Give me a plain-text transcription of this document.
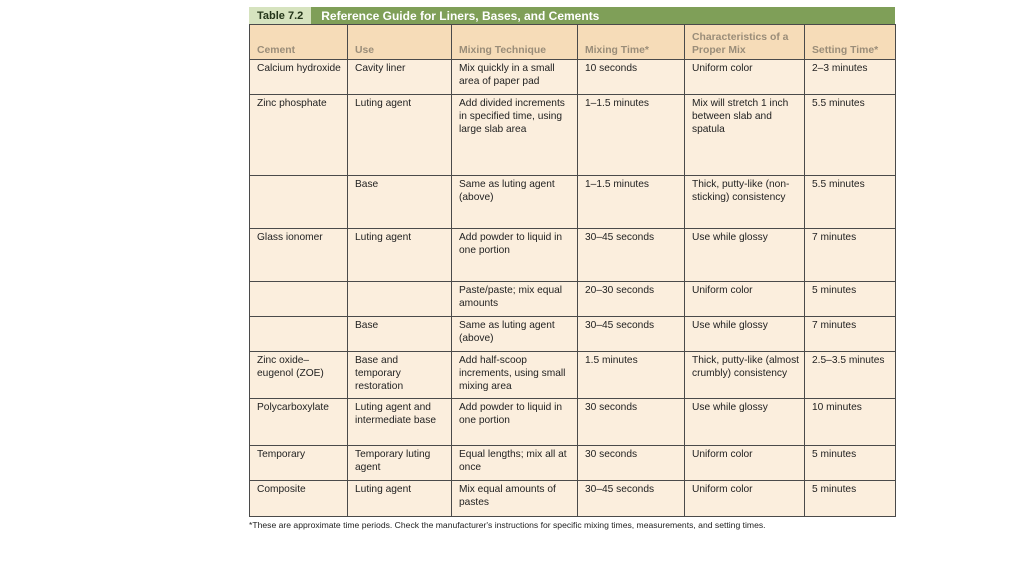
Table 7.2	Reference Guide for Liners, Bases, and Cements
Cement	Use	Mixing Technique	Mixing Time*	Characteristics of a Proper Mix	Setting Time*
Calcium hydroxide	Cavity liner	Mix quickly in a small area of paper pad	10 seconds	Uniform color	2–3 minutes
Zinc phosphate	Luting agent	Add divided increments in specified time, using large slab area	1–1.5 minutes	Mix will stretch 1 inch between slab and spatula	5.5 minutes
	Base	Same as luting agent (above)	1–1.5 minutes	Thick, putty-like (non-sticking) consistency	5.5 minutes
Glass ionomer	Luting agent	Add powder to liquid in one portion	30–45 seconds	Use while glossy	7 minutes
		Paste/paste; mix equal amounts	20–30 seconds	Uniform color	5 minutes
	Base	Same as luting agent (above)	30–45 seconds	Use while glossy	7 minutes
Zinc oxide–eugenol (ZOE)	Base and temporary restoration	Add half-scoop increments, using small mixing area	1.5 minutes	Thick, putty-like (almost crumbly) consistency	2.5–3.5 minutes
Polycarboxylate	Luting agent and intermediate base	Add powder to liquid in one portion	30 seconds	Use while glossy	10 minutes
Temporary	Temporary luting agent	Equal lengths; mix all at once	30 seconds	Uniform color	5 minutes
Composite	Luting agent	Mix equal amounts of pastes	30–45 seconds	Uniform color	5 minutes
*These are approximate time periods. Check the manufacturer's instructions for specific mixing times, measurements, and setting times.
